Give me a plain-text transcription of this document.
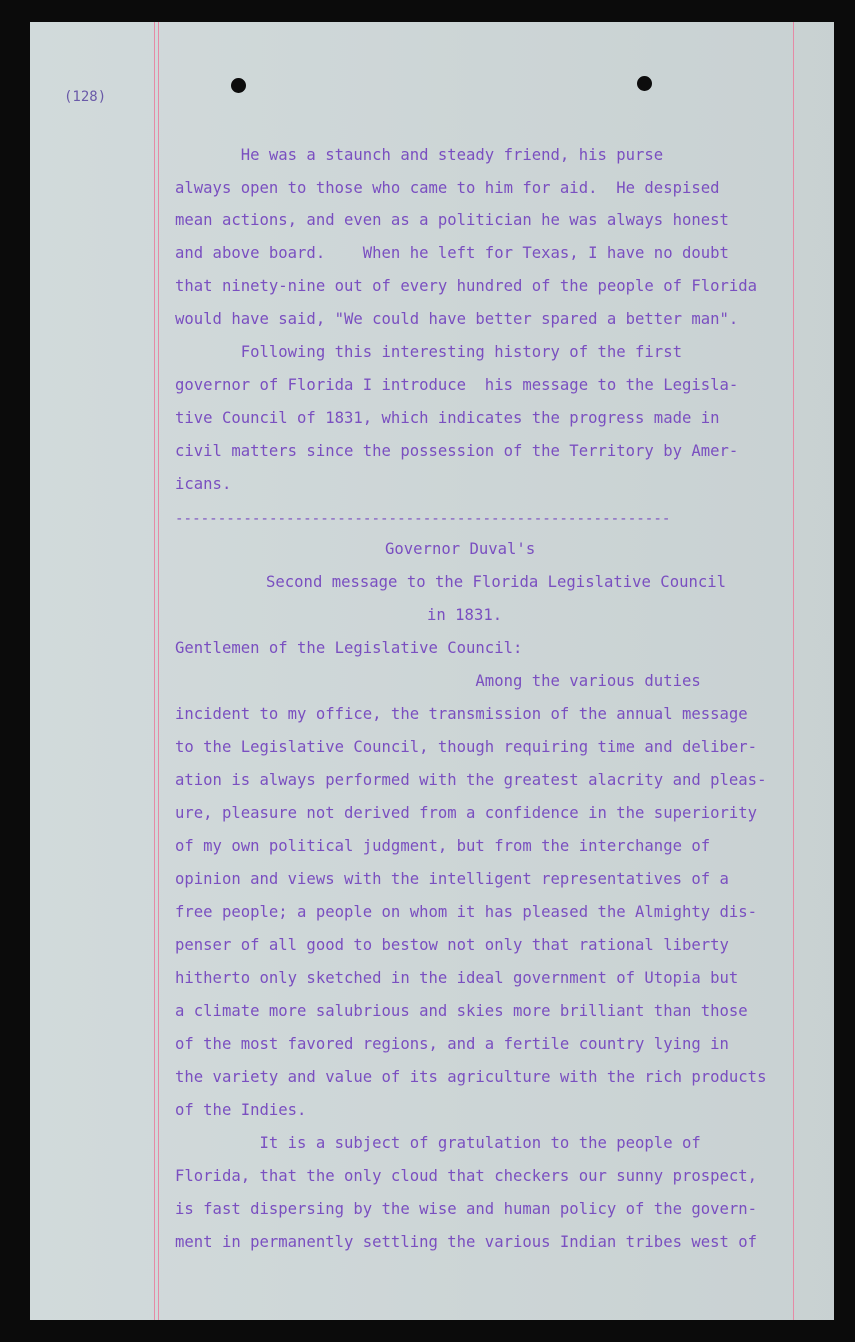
(128)
He was a staunch and steady friend, his purse
always open to those who came to him for aid.  He despised
mean actions, and even as a politician he was always honest
and above board.    When he left for Texas, I have no doubt
that ninety-nine out of every hundred of the people of Florida
would have said, "We could have better spared a better man".
Following this interesting history of the first
governor of Florida I introduce  his message to the Legisla-
tive Council of 1831, which indicates the progress made in
civil matters since the possession of the Territory by Amer-
icans.
----------------------------------------------------------
Governor Duval's
Second message to the Florida Legislative Council
in 1831.
Gentlemen of the Legislative Council:
Among the various duties
incident to my office, the transmission of the annual message
to the Legislative Council, though requiring time and deliber-
ation is always performed with the greatest alacrity and pleas-
ure, pleasure not derived from a confidence in the superiority
of my own political judgment, but from the interchange of
opinion and views with the intelligent representatives of a
free people; a people on whom it has pleased the Almighty dis-
penser of all good to bestow not only that rational liberty
hitherto only sketched in the ideal government of Utopia but
a climate more salubrious and skies more brilliant than those
of the most favored regions, and a fertile country lying in
the variety and value of its agriculture with the rich products
of the Indies.
It is a subject of gratulation to the people of
Florida, that the only cloud that checkers our sunny prospect,
is fast dispersing by the wise and human policy of the govern-
ment in permanently settling the various Indian tribes west of
